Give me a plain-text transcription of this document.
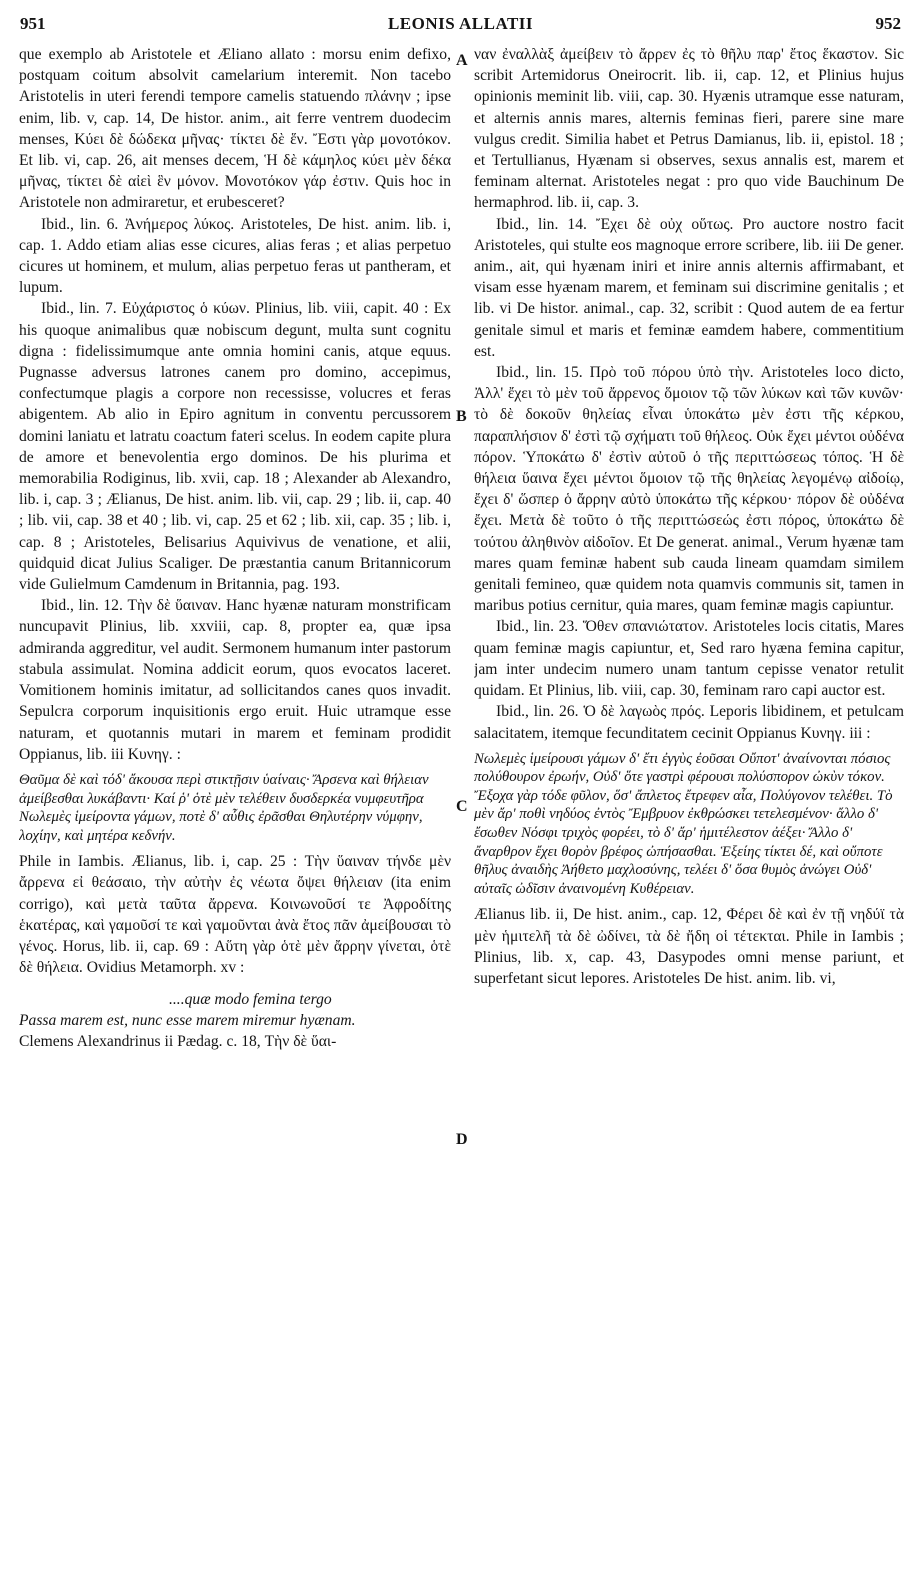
951	LEONIS ALLATII	952

que exemplo ab Aristotele et Æliano allato : morsu enim defixo, postquam coitum absolvit camelarium interemit. Non tacebo Aristotelis in uteri ferendi tempore camelis statuendo πλάνην ; ipse enim, lib. v, cap. 14, De histor. anim., ait ferre ventrem duodecim menses, Κύει δὲ δώδεκα μῆνας· τίκτει δὲ ἕν. Ἔστι γὰρ μονοτόκον. Et lib. vi, cap. 26, ait menses decem, Ἡ δὲ κάμηλος κύει μὲν δέκα μῆνας, τίκτει δὲ αἰεὶ ἓν μόνον. Μονοτόκον γάρ ἐστιν. Quis hoc in Aristotele non admiraretur, et erubesceret?

Ibid., lin. 6. Ἀνήμερος λύκος. Aristoteles, De hist. anim. lib. i, cap. 1. Addo etiam alias esse cicures, alias feras ; et alias perpetuo cicures ut hominem, et mulum, alias perpetuo feras ut pantheram, et lupum.

Ibid., lin. 7. Εὐχάριστος ὁ κύων. Plinius, lib. viii, capit. 40 : Ex his quoque animalibus quæ nobiscum degunt, multa sunt cognitu digna : fidelissimumque ante omnia homini canis, atque equus. Pugnasse adversus latrones canem pro domino, accepimus, confectumque plagis a corpore non recessisse, volucres et feras abigentem. Ab alio in Epiro agnitum in conventu percussorem domini laniatu et latratu coactum fateri scelus. In eodem capite plura de amore et benevolentia ergo dominos. De his plurima et memorabilia Rodiginus, lib. xvii, cap. 18 ; Alexander ab Alexandro, lib. i, cap. 3 ; Ælianus, De hist. anim. lib. vii, cap. 29 ; lib. ii, cap. 40 ; lib. vii, cap. 38 et 40 ; lib. vi, cap. 25 et 62 ; lib. xii, cap. 35 ; lib. i, cap. 8 ; Aristoteles, Belisarius Aquivivus de venatione, et alii, quidquid dicat Julius Scaliger. De præstantia canum Britannicorum vide Gulielmum Camdenum in Britannia, pag. 193.

Ibid., lin. 12. Τὴν δὲ ὕαιναν. Hanc hyænæ naturam monstrificam nuncupavit Plinius, lib. xxviii, cap. 8, propter ea, quæ ipsa admiranda aggreditur, vel audit. Sermonem humanum inter pastorum stabula assimulat. Nomina addicit eorum, quos evocatos laceret. Vomitionem hominis imitatur, ad sollicitandos canes quos invadit. Sepulcra corporum inquisitionis ergo eruit. Huic utramque esse naturam, et quotannis mutari in marem et feminam prodidit Oppianus, lib. iii Κυνηγ. :

Θαῦμα δὲ καὶ τόδ' ἄκουσα περὶ στικτῇσιν ὑαίναις· Ἄρσενα καὶ θήλειαν ἀμείβεσθαι λυκάβαντι· Καί ῥ' ὁτὲ μὲν τελέθειν δυσδερκέα νυμφευτῆρα Νωλεμὲς ἱμείροντα γάμων, ποτὲ δ' αὖθις ἐρᾶσθαι Θηλυτέρην νύμφην, λοχίην, καὶ μητέρα κεδνήν.

Phile in Iambis. Ælianus, lib. i, cap. 25 : Τὴν ὕαιναν τήνδε μὲν ἄρρενα εἰ θεάσαιο, τὴν αὐτὴν ἐς νέωτα ὄψει θήλειαν (ita enim corrigo), καὶ μετὰ ταῦτα ἄρρενα. Κοινωνοῦσί τε Ἀφροδίτης ἑκατέρας, καὶ γαμοῦσί τε καὶ γαμοῦνται ἀνὰ ἔτος πᾶν ἀμείβουσαι τὸ γένος. Horus, lib. ii, cap. 69 : Αὕτη γὰρ ὁτὲ μὲν ἄρρην γίνεται, ὁτὲ δὲ θήλεια. Ovidius Metamorph. xv :

....quæ modo femina tergo
Passa marem est, nunc esse marem miremur hyænam.

Clemens Alexandrinus ii Pædag. c. 18, Τὴν δὲ ὕαι-

ναν ἐναλλὰξ ἀμείβειν τὸ ἄρρεν ἐς τὸ θῆλυ παρ' ἔτος ἕκαστον. Sic scribit Artemidorus Oneirocrit. lib. ii, cap. 12, et Plinius hujus opinionis meminit lib. viii, cap. 30. Hyænis utramque esse naturam, et alternis annis mares, alternis feminas fieri, parere sine mare vulgus credit. Similia habet et Petrus Damianus, lib. ii, epistol. 18 ; et Tertullianus, Hyænam si observes, sexus annalis est, marem et feminam alternat. Aristoteles negat : pro quo vide Bauchinum De hermaphrod. lib. ii, cap. 3.

Ibid., lin. 14. Ἔχει δὲ οὐχ οὕτως. Pro auctore nostro facit Aristoteles, qui stulte eos magnoque errore scribere, lib. iii De gener. anim., ait, qui hyænam iniri et inire annis alternis affirmabant, et visam esse hyænam marem, et feminam sui discrimine genitalis ; et lib. vi De histor. animal., cap. 32, scribit : Quod autem de ea fertur genitale simul et maris et feminæ eamdem habere, commentitium est.

Ibid., lin. 15. Πρὸ τοῦ πόρου ὑπὸ τὴν. Aristoteles loco dicto, Ἀλλ' ἔχει τὸ μὲν τοῦ ἄρρενος ὅμοιον τῷ τῶν λύκων καὶ τῶν κυνῶν· τὸ δὲ δοκοῦν θηλείας εἶναι ὑποκάτω μὲν ἐστι τῆς κέρκου, παραπλήσιον δ' ἐστὶ τῷ σχήματι τοῦ θήλεος. Οὐκ ἔχει μέντοι οὐδένα πόρον. Ὑποκάτω δ' ἐστὶν αὐτοῦ ὁ τῆς περιττώσεως τόπος. Ἡ δὲ θήλεια ὕαινα ἔχει μέντοι ὅμοιον τῷ τῆς θηλείας λεγομένῳ αἰδοίῳ, ἔχει δ' ὥσπερ ὁ ἄρρην αὐτὸ ὑποκάτω τῆς κέρκου· πόρον δὲ οὐδένα ἔχει. Μετὰ δὲ τοῦτο ὁ τῆς περιττώσεώς ἐστι πόρος, ὑποκάτω δὲ τούτου ἀληθινὸν αἰδοῖον. Et De generat. animal., Verum hyænæ tam mares quam feminæ habent sub cauda lineam quamdam similem genitali femineo, quæ quidem nota quamvis communis sit, tamen in maribus potius cernitur, quia mares, quam feminæ magis capiuntur.

Ibid., lin. 23. Ὅθεν σπανιώτατον. Aristoteles locis citatis, Mares quam feminæ magis capiuntur, et, Sed raro hyæna femina capitur, jam inter undecim numero unam tantum cepisse venator retulit quidam. Et Plinius, lib. viii, cap. 30, feminam raro capi auctor est.

Ibid., lin. 26. Ὁ δὲ λαγωὸς πρός. Leporis libidinem, et petulcam salacitatem, itemque fecunditatem cecinit Oppianus Κυνηγ. iii :

Νωλεμὲς ἱμείρουσι γάμων δ' ἔτι ἐγγὺς ἐοῦσαι Οὔποτ' ἀναίνονται πόσιος πολύθουρον ἐρωήν, Οὐδ' ὅτε γαστρὶ φέρουσι πολύσπορον ὠκὺν τόκον. Ἔξοχα γὰρ τόδε φῦλον, ὅσ' ἄπλετος ἔτρεφεν αἶα, Πολύγονον τελέθει. Τὸ μὲν ἄρ' ποθὶ νηδύος ἐντὸς Ἔμβρυον ἐκθρώσκει τετελεσμένον· ἄλλο δ' ἔσωθεν Νόσφι τριχὸς φορέει, τὸ δ' ἄρ' ἡμιτέλεστον ἀέξει· Ἄλλο δ' ἄναρθρον ἔχει θορὸν βρέφος ὠπήσασθαι. Ἑξείης τίκτει δέ, καὶ οὔποτε θῆλυς ἀναιδὴς Ἀήθετο μαχλοσύνης, τελέει δ' ὅσα θυμὸς ἀνώγει Οὐδ' αὐταῖς ὠδῖσιν ἀναινομένη Κυθέρειαν.

Ælianus lib. ii, De hist. anim., cap. 12, Φέρει δὲ καὶ ἐν τῇ νηδύϊ τὰ μὲν ἡμιτελῆ τὰ δὲ ὠδίνει, τὰ δὲ ἤδη οἱ τέτεκται. Phile in Iambis ; Plinius, lib. x, cap. 43, Dasypodes omni mense pariunt, et superfetant sicut lepores. Aristoteles De hist. anim. lib. vi,

A
B
C
D
